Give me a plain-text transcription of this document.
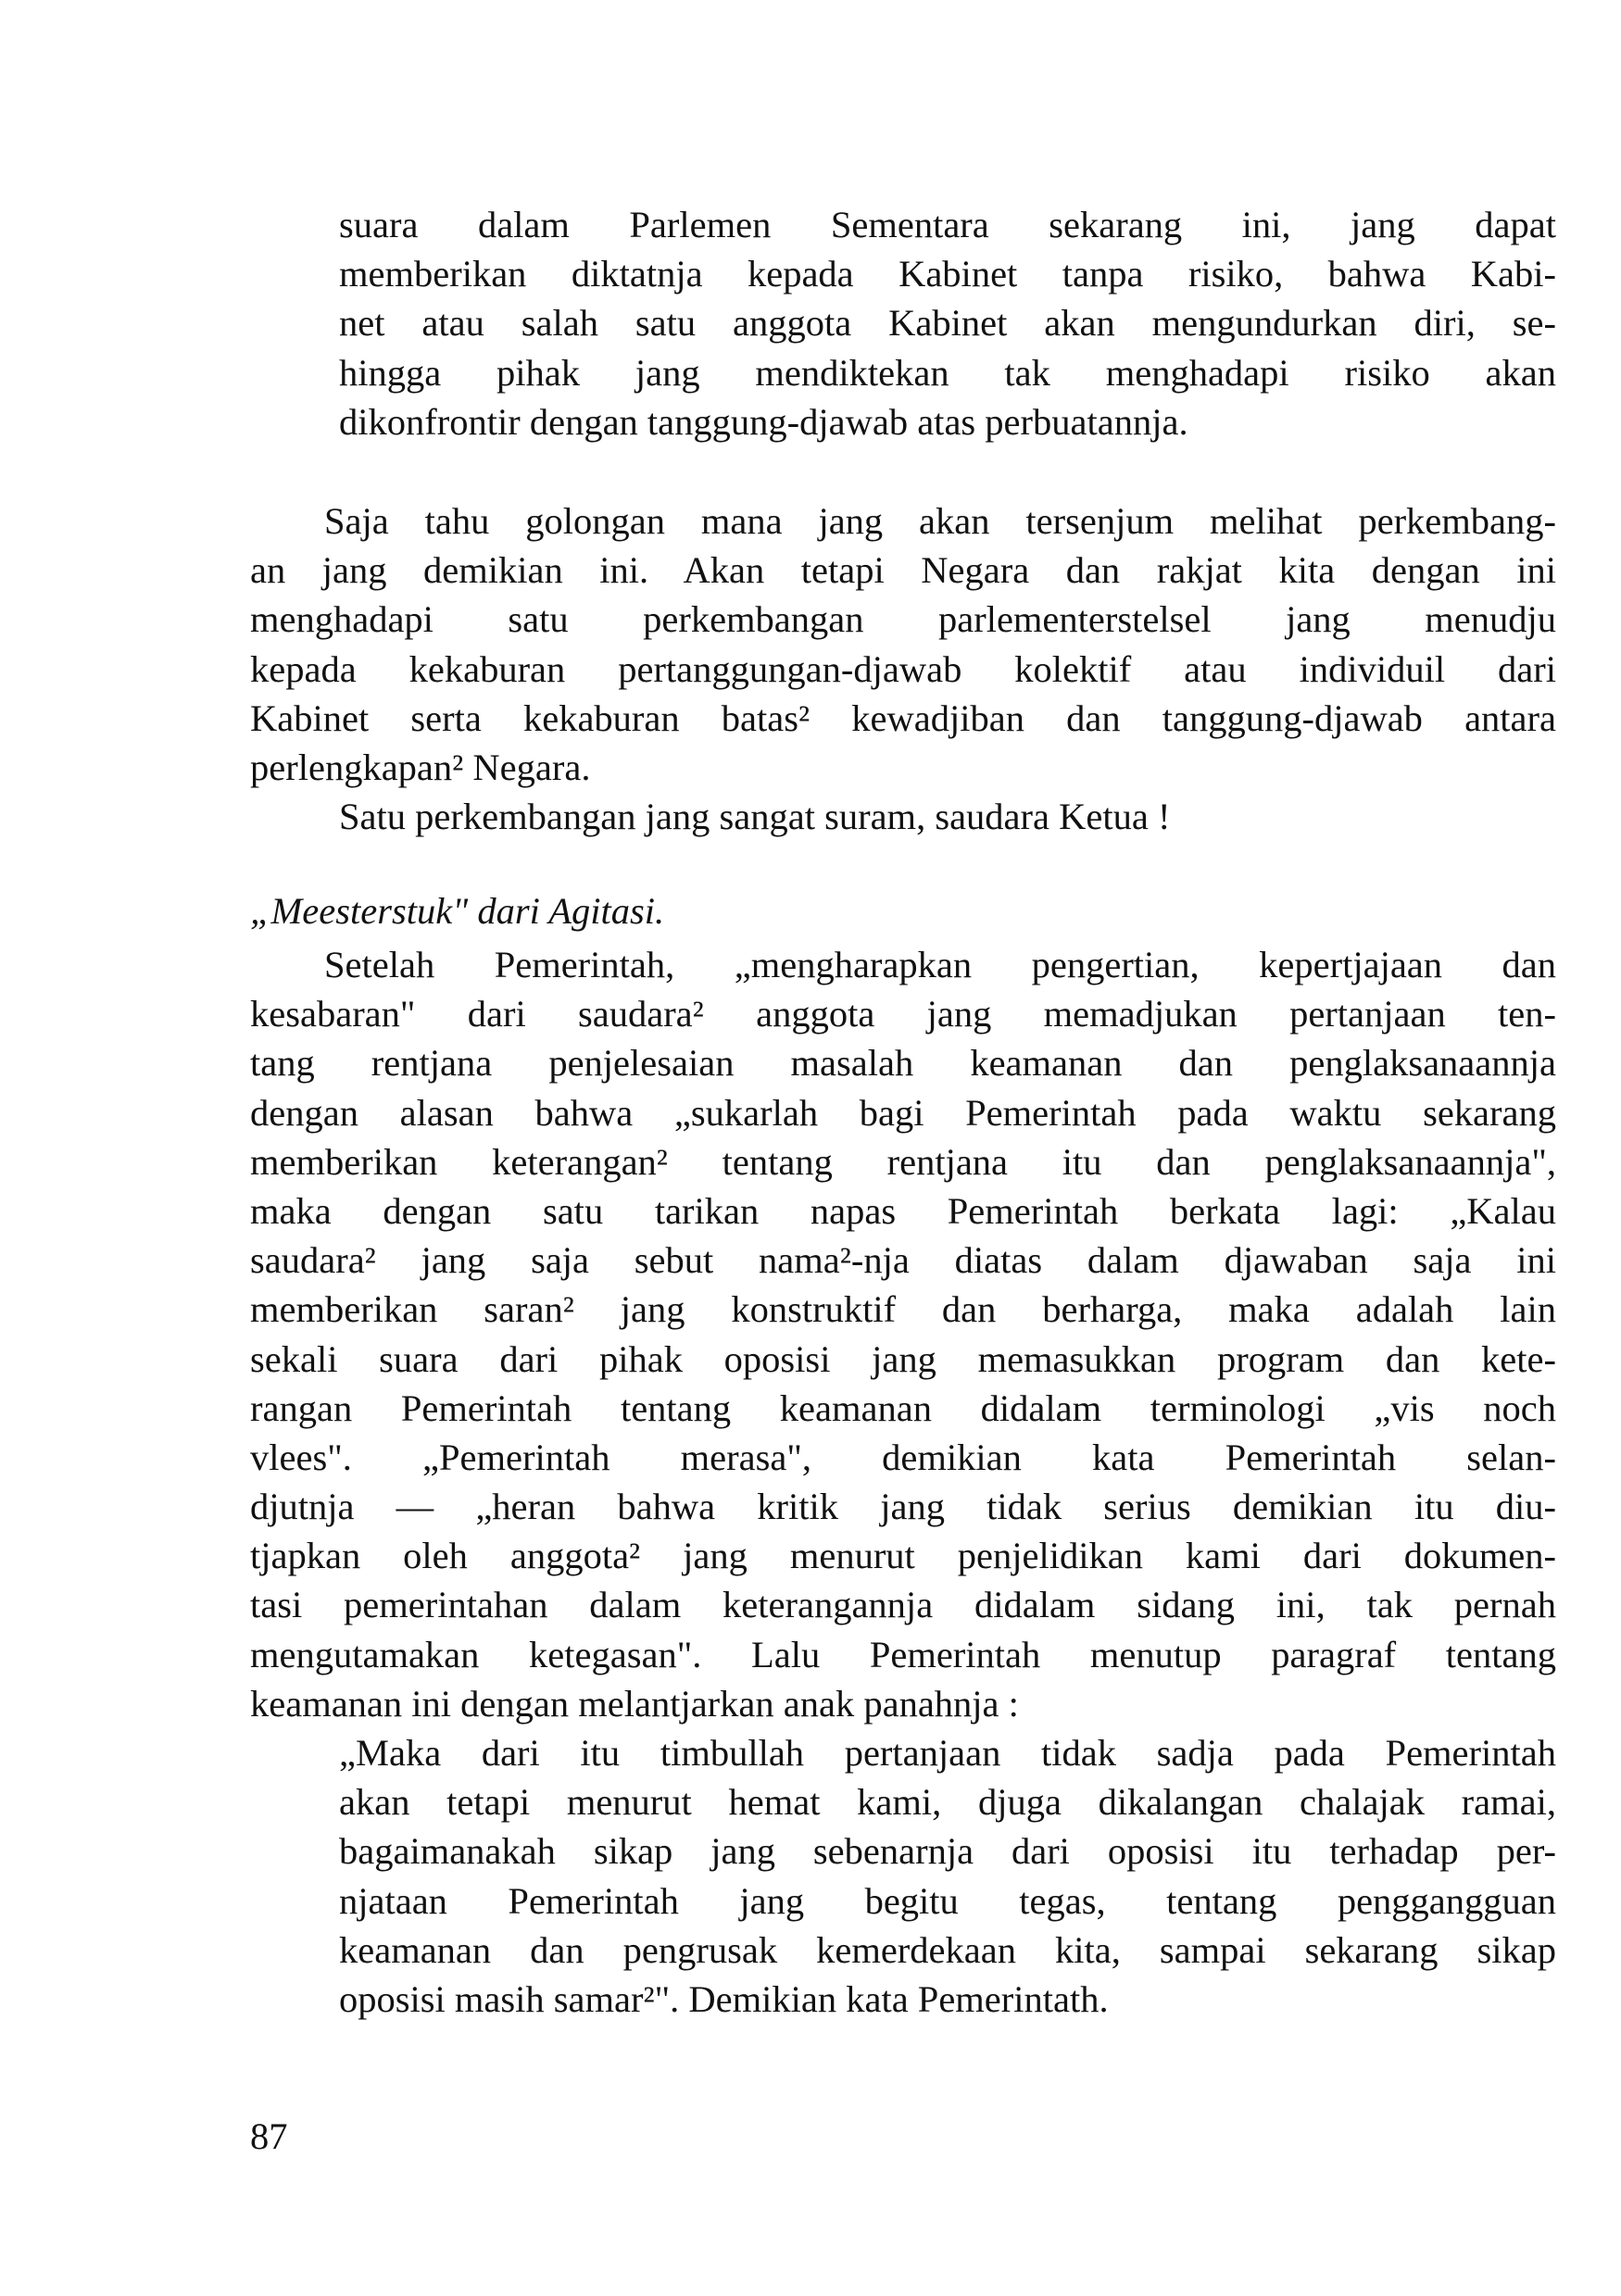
suara dalam Parlemen Sementara sekarang ini, jang dapat
memberikan diktatnja kepada Kabinet tanpa risiko, bahwa Kabi-
net atau salah satu anggota Kabinet akan mengundurkan diri, se-
hingga pihak jang mendiktekan tak menghadapi risiko akan
dikonfrontir dengan tanggung-djawab atas perbuatannja.
Saja tahu golongan mana jang akan tersenjum melihat perkembang-
an jang demikian ini. Akan tetapi Negara dan rakjat kita dengan ini
menghadapi satu perkembangan parlementerstelsel jang menudju
kepada kekaburan pertanggungan-djawab kolektif atau individuil dari
Kabinet serta kekaburan batas² kewadjiban dan tanggung-djawab antara
perlengkapan² Negara.
Satu perkembangan jang sangat suram, saudara Ketua !
„Meesterstuk" dari Agitasi.
Setelah Pemerintah, „mengharapkan pengertian, kepertjajaan dan
kesabaran" dari saudara² anggota jang memadjukan pertanjaan ten-
tang rentjana penjelesaian masalah keamanan dan penglaksanaannja
dengan alasan bahwa „sukarlah bagi Pemerintah pada waktu sekarang
memberikan keterangan² tentang rentjana itu dan penglaksanaannja",
maka dengan satu tarikan napas Pemerintah berkata lagi: „Kalau
saudara² jang saja sebut nama²-nja diatas dalam djawaban saja ini
memberikan saran² jang konstruktif dan berharga, maka adalah lain
sekali suara dari pihak oposisi jang memasukkan program dan kete-
rangan Pemerintah tentang keamanan didalam terminologi „vis noch
vlees". „Pemerintah merasa", demikian kata Pemerintah selan-
djutnja — „heran bahwa kritik jang tidak serius demikian itu diu-
tjapkan oleh anggota² jang menurut penjelidikan kami dari dokumen-
tasi pemerintahan dalam keterangannja didalam sidang ini, tak pernah
mengutamakan ketegasan". Lalu Pemerintah menutup paragraf tentang
keamanan ini dengan melantjarkan anak panahnja :
„Maka dari itu timbullah pertanjaan tidak sadja pada Pemerintah
akan tetapi menurut hemat kami, djuga dikalangan chalajak ramai,
bagaimanakah sikap jang sebenarnja dari oposisi itu terhadap per-
njataan Pemerintah jang begitu tegas, tentang penggangguan
keamanan dan pengrusak kemerdekaan kita, sampai sekarang sikap
oposisi masih samar²". Demikian kata Pemerintath.
87
